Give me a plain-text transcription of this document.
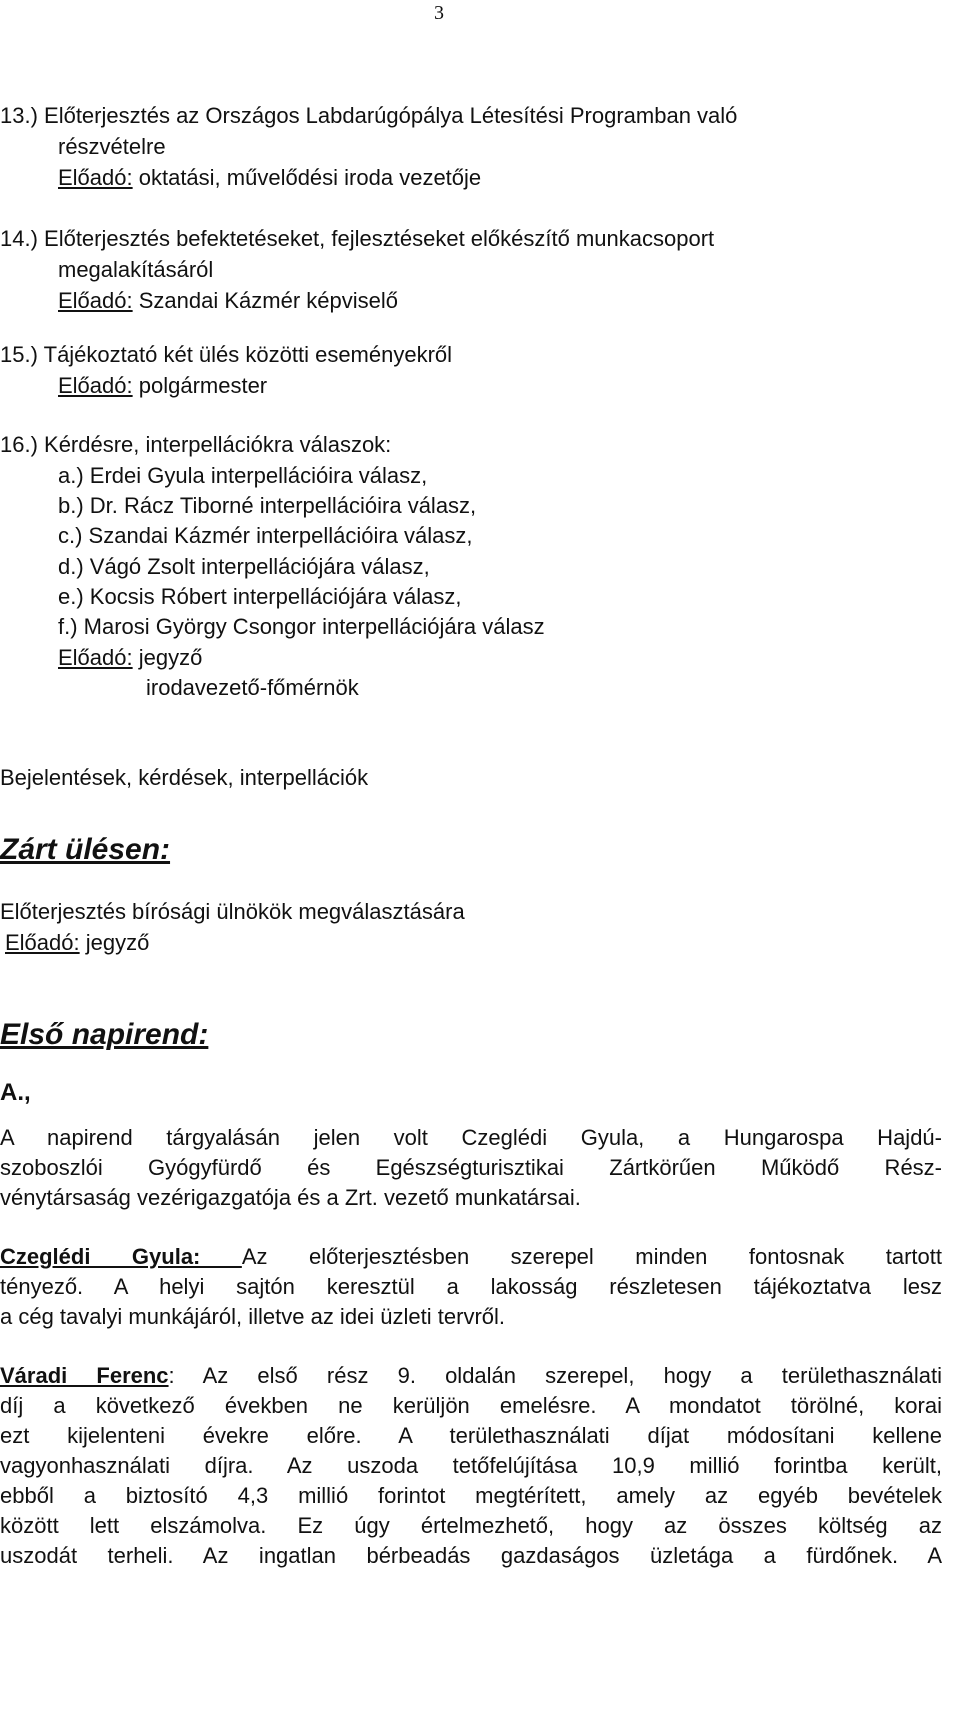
3
13.) Előterjesztés az Országos Labdarúgópálya Létesítési Programban való
részvételre
Előadó: oktatási, művelődési iroda vezetője
14.) Előterjesztés befektetéseket, fejlesztéseket előkészítő munkacsoport
megalakításáról
Előadó: Szandai Kázmér képviselő
15.) Tájékoztató két ülés közötti eseményekről
Előadó: polgármester
16.) Kérdésre, interpellációkra válaszok:
a.) Erdei Gyula interpellációira válasz,
b.) Dr. Rácz Tiborné interpellációira válasz,
c.) Szandai Kázmér interpellációira válasz,
d.) Vágó Zsolt interpellációjára válasz,
e.) Kocsis Róbert interpellációjára válasz,
f.) Marosi György Csongor interpellációjára válasz
Előadó: jegyző
irodavezető-főmérnök
Bejelentések, kérdések, interpellációk
Zárt ülésen:
Előterjesztés bírósági ülnökök megválasztására
Előadó: jegyző
Első napirend:
A.,
A napirend tárgyalásán jelen volt Czeglédi Gyula, a Hungarospa Hajdú-
szoboszlói Gyógyfürdő és Egészségturisztikai Zártkörűen Működő Rész-
vénytársaság vezérigazgatója és a Zrt. vezető munkatársai.
Czeglédi Gyula: Az előterjesztésben szerepel minden fontosnak tartott
tényező. A helyi sajtón keresztül a lakosság részletesen tájékoztatva lesz
a cég tavalyi munkájáról, illetve az idei üzleti tervről.
Váradi Ferenc: Az első rész 9. oldalán szerepel, hogy a területhasználati
díj a következő években ne kerüljön emelésre. A mondatot törölné, korai
ezt kijelenteni évekre előre. A területhasználati díjat módosítani kellene
vagyonhasználati díjra. Az uszoda tetőfelújítása 10,9 millió forintba került,
ebből a biztosító 4,3 millió forintot megtérített, amely az egyéb bevételek
között lett elszámolva. Ez úgy értelmezhető, hogy az összes költség az
uszodát terheli. Az ingatlan bérbeadás gazdaságos üzletága a fürdőnek. A
